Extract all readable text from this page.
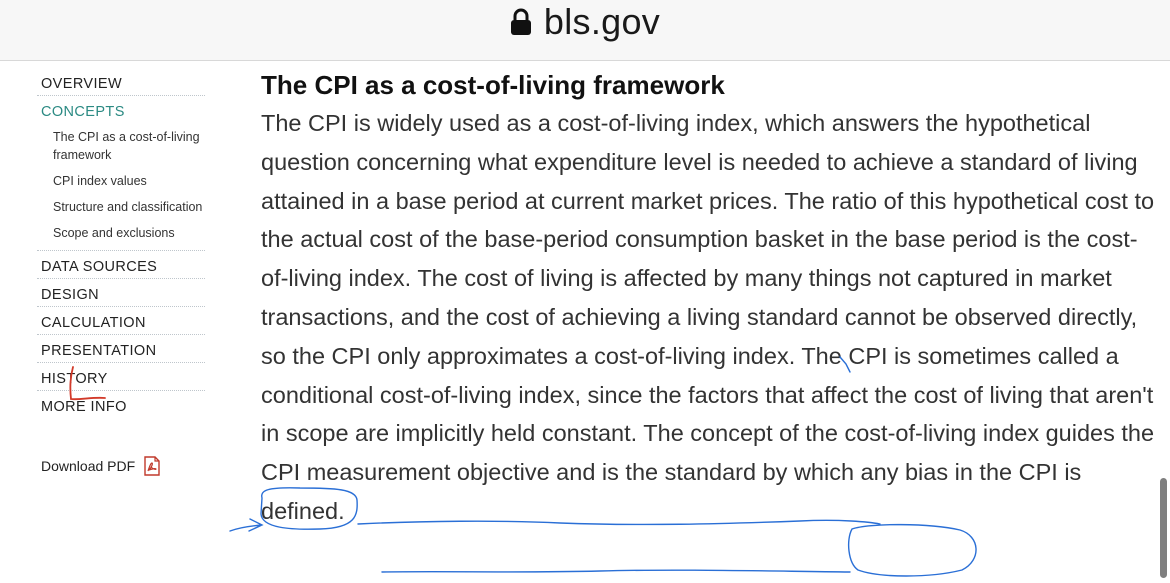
bls.gov
OVERVIEW
CONCEPTS
The CPI as a cost-of-living framework
CPI index values
Structure and classification
Scope and exclusions
DATA SOURCES
DESIGN
CALCULATION
PRESENTATION
HISTORY
MORE INFO
Download PDF
The CPI as a cost-of-living framework

The CPI is widely used as a cost-of-living index, which answers the hypothetical question concerning what expenditure level is needed to achieve a standard of living attained in a base period at current market prices. The ratio of this hypothetical cost to the actual cost of the base-period consumption basket in the base period is the cost-of-living index. The cost of living is affected by many things not captured in market transactions, and the cost of achieving a living standard cannot be observed directly, so the CPI only approximates a cost-of-living index. The CPI is sometimes called a conditional cost-of-living index, since the factors that affect the cost of living that aren't in scope are implicitly held constant. The concept of the cost-of-living index guides the CPI measurement objective and is the standard by which any bias in the CPI is defined.
